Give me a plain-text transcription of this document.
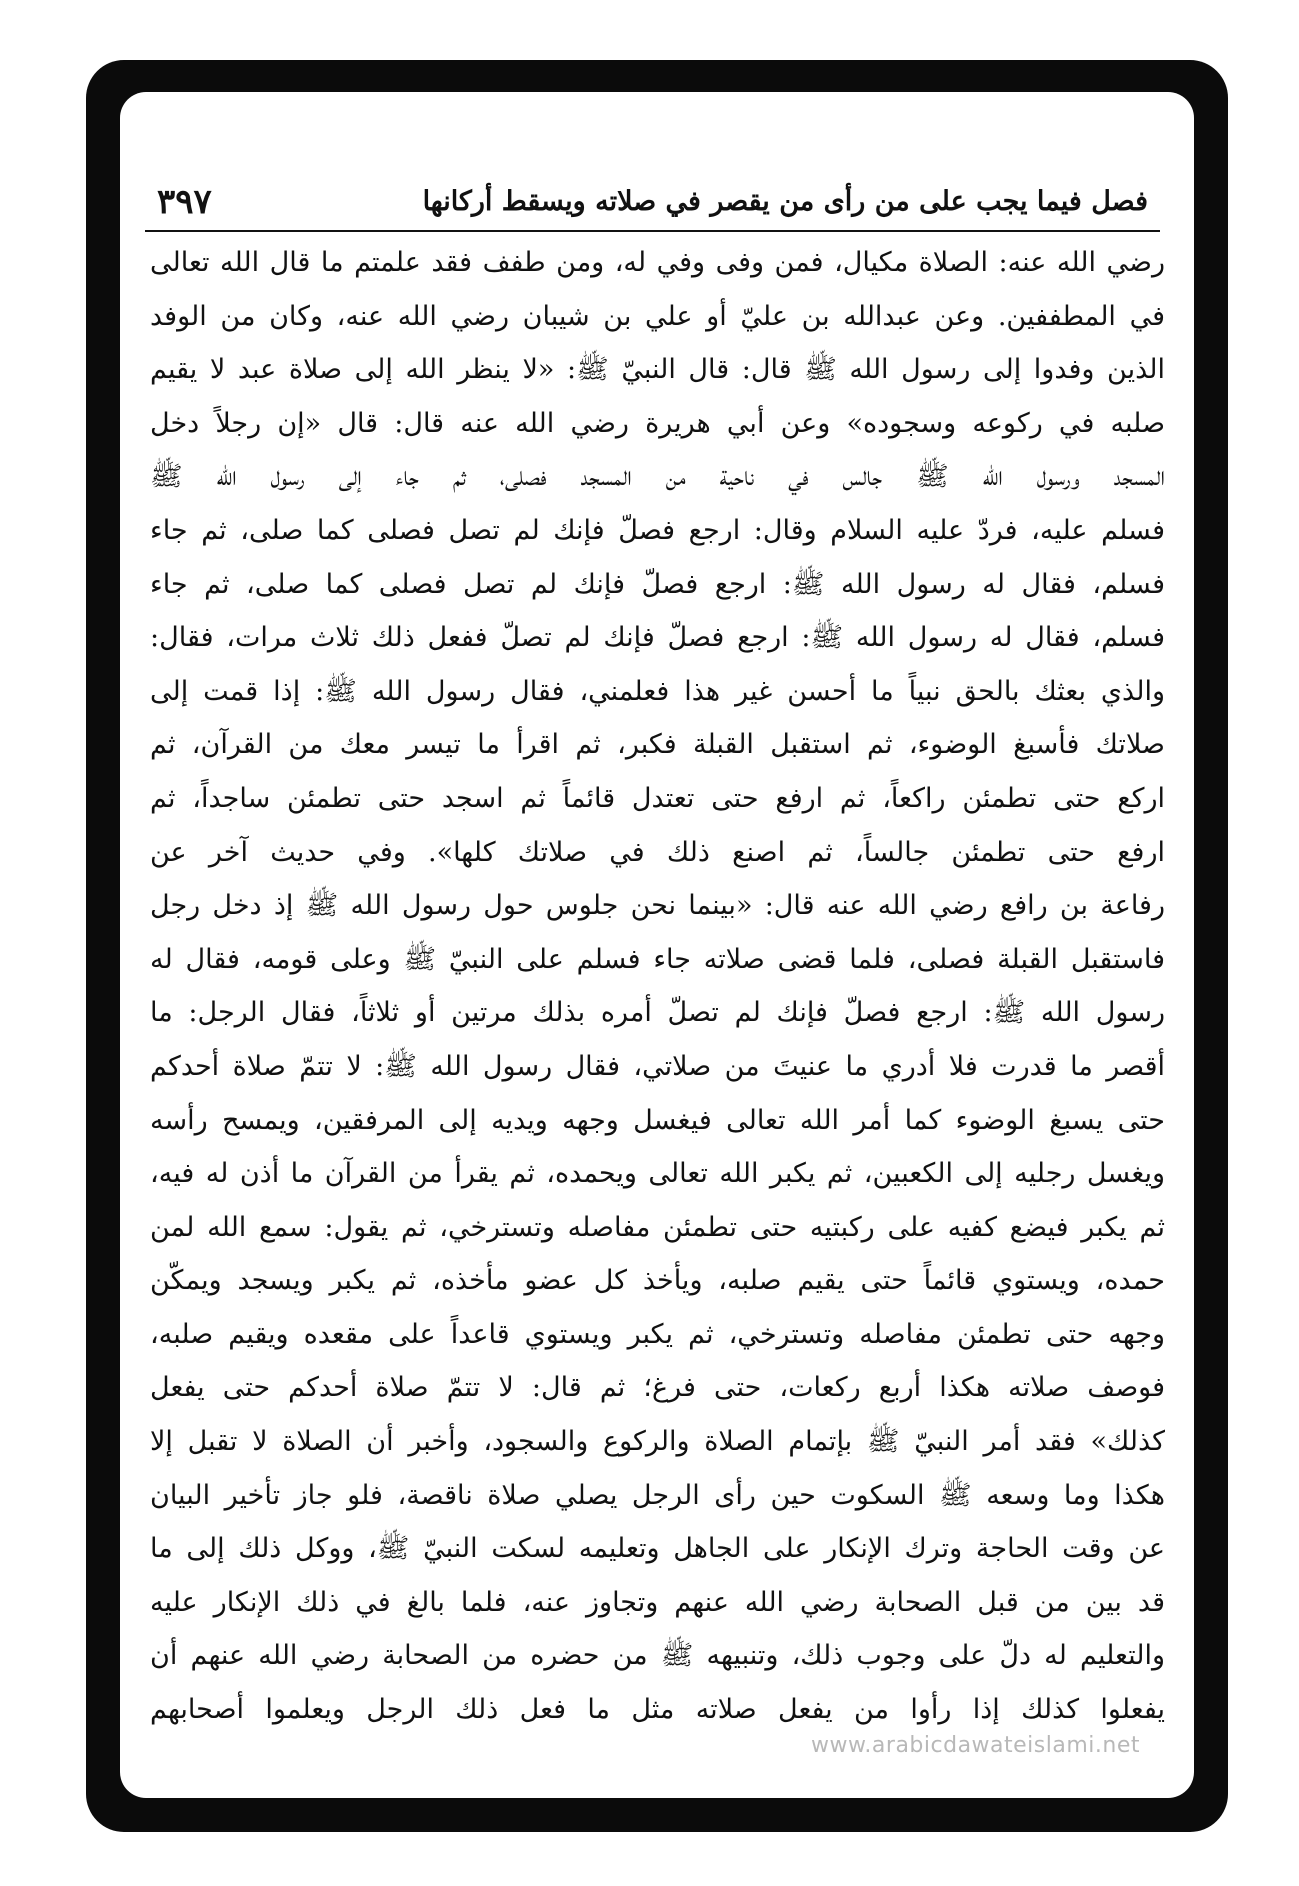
٣٩٧	فصل فيما يجب على من رأى من يقصر في صلاته ويسقط أركانها
رضي الله عنه: الصلاة مكيال، فمن وفى وفي له، ومن طفف فقد علمتم ما قال الله تعالى
في المطففين. وعن عبدالله بن عليّ أو علي بن شيبان رضي الله عنه، وكان من الوفد
الذين وفدوا إلى رسول الله ﷺ قال: قال النبيّ ﷺ: «لا ينظر الله إلى صلاة عبد لا يقيم
صلبه في ركوعه وسجوده» وعن أبي هريرة رضي الله عنه قال: قال «إن رجلاً دخل
المسجد ورسول الله ﷺ جالس في ناحية من المسجد فصلى، ثم جاء إلى رسول الله ﷺ
فسلم عليه، فردّ عليه السلام وقال: ارجع فصلّ فإنك لم تصل فصلى كما صلى، ثم جاء
فسلم، فقال له رسول الله ﷺ: ارجع فصلّ فإنك لم تصل فصلى كما صلى، ثم جاء
فسلم، فقال له رسول الله ﷺ: ارجع فصلّ فإنك لم تصلّ ففعل ذلك ثلاث مرات، فقال:
والذي بعثك بالحق نبياً ما أحسن غير هذا فعلمني، فقال رسول الله ﷺ: إذا قمت إلى
صلاتك فأسبغ الوضوء، ثم استقبل القبلة فكبر، ثم اقرأ ما تيسر معك من القرآن، ثم
اركع حتى تطمئن راكعاً، ثم ارفع حتى تعتدل قائماً ثم اسجد حتى تطمئن ساجداً، ثم
ارفع حتى تطمئن جالساً، ثم اصنع ذلك في صلاتك كلها». وفي حديث آخر عن
رفاعة بن رافع رضي الله عنه قال: «بينما نحن جلوس حول رسول الله ﷺ إذ دخل رجل
فاستقبل القبلة فصلى، فلما قضى صلاته جاء فسلم على النبيّ ﷺ وعلى قومه، فقال له
رسول الله ﷺ: ارجع فصلّ فإنك لم تصلّ أمره بذلك مرتين أو ثلاثاً، فقال الرجل: ما
أقصر ما قدرت فلا أدري ما عنيتَ من صلاتي، فقال رسول الله ﷺ: لا تتمّ صلاة أحدكم
حتى يسبغ الوضوء كما أمر الله تعالى فيغسل وجهه ويديه إلى المرفقين، ويمسح رأسه
ويغسل رجليه إلى الكعبين، ثم يكبر الله تعالى ويحمده، ثم يقرأ من القرآن ما أذن له فيه،
ثم يكبر فيضع كفيه على ركبتيه حتى تطمئن مفاصله وتسترخي، ثم يقول: سمع الله لمن
حمده، ويستوي قائماً حتى يقيم صلبه، ويأخذ كل عضو مأخذه، ثم يكبر ويسجد ويمكّن
وجهه حتى تطمئن مفاصله وتسترخي، ثم يكبر ويستوي قاعداً على مقعده ويقيم صلبه،
فوصف صلاته هكذا أربع ركعات، حتى فرغ؛ ثم قال: لا تتمّ صلاة أحدكم حتى يفعل
كذلك» فقد أمر النبيّ ﷺ بإتمام الصلاة والركوع والسجود، وأخبر أن الصلاة لا تقبل إلا
هكذا وما وسعه ﷺ السكوت حين رأى الرجل يصلي صلاة ناقصة، فلو جاز تأخير البيان
عن وقت الحاجة وترك الإنكار على الجاهل وتعليمه لسكت النبيّ ﷺ، ووكل ذلك إلى ما
قد بين من قبل الصحابة رضي الله عنهم وتجاوز عنه، فلما بالغ في ذلك الإنكار عليه
والتعليم له دلّ على وجوب ذلك، وتنبيهه ﷺ من حضره من الصحابة رضي الله عنهم أن
يفعلوا كذلك إذا رأوا من يفعل صلاته مثل ما فعل ذلك الرجل ويعلموا أصحابهم
www.arabicdawateislami.net
